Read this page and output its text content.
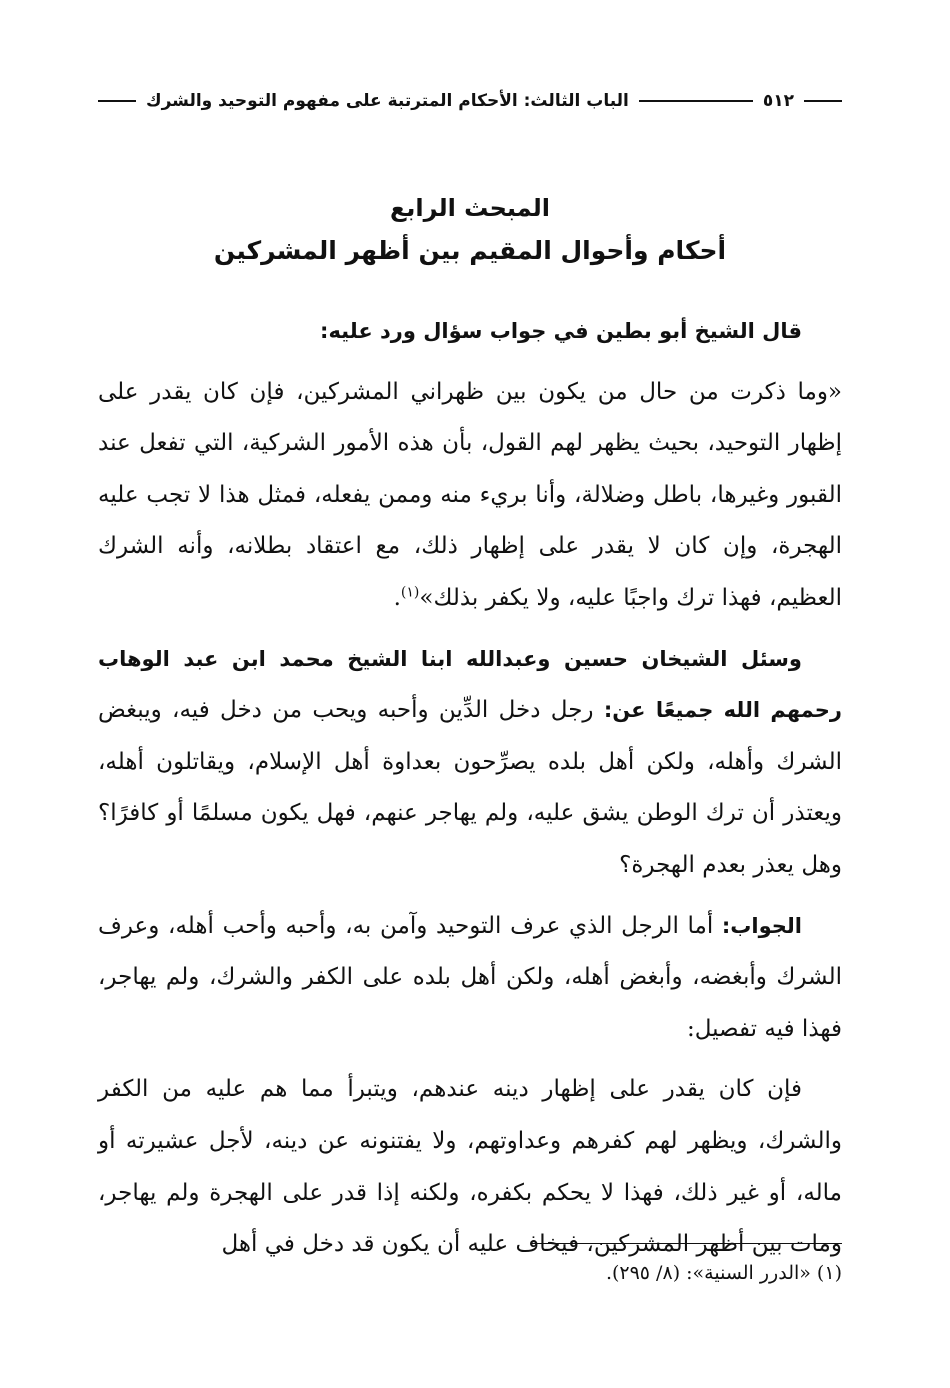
٥١٢
الباب الثالث: الأحكام المترتبة على مفهوم التوحيد والشرك
المبحث الرابع
أحكام وأحوال المقيم بين أظهر المشركين

قال الشيخ أبو بطين في جواب سؤال ورد عليه:

«وما ذكرت من حال من يكون بين ظهراني المشركين، فإن كان يقدر على إظهار التوحيد، بحيث يظهر لهم القول، بأن هذه الأمور الشركية، التي تفعل عند القبور وغيرها، باطل وضلالة، وأنا بريء منه وممن يفعله، فمثل هذا لا تجب عليه الهجرة، وإن كان لا يقدر على إظهار ذلك، مع اعتقاد بطلانه، وأنه الشرك العظيم، فهذا ترك واجبًا عليه، ولا يكفر بذلك»$^{(١)}$.

وسئل الشيخان حسين وعبدالله ابنا الشيخ محمد ابن عبد الوهاب رحمهم الله جميعًا عن: رجل دخل الدِّين وأحبه ويحب من دخل فيه، ويبغض الشرك وأهله، ولكن أهل بلده يصرِّحون بعداوة أهل الإسلام، ويقاتلون أهله، ويعتذر أن ترك الوطن يشق عليه، ولم يهاجر عنهم، فهل يكون مسلمًا أو كافرًا؟ وهل يعذر بعدم الهجرة؟

الجواب: أما الرجل الذي عرف التوحيد وآمن به، وأحبه وأحب أهله، وعرف الشرك وأبغضه، وأبغض أهله، ولكن أهل بلده على الكفر والشرك، ولم يهاجر، فهذا فيه تفصيل:

فإن كان يقدر على إظهار دينه عندهم، ويتبرأ مما هم عليه من الكفر والشرك، ويظهر لهم كفرهم وعداوتهم، ولا يفتنونه عن دينه، لأجل عشيرته أو ماله، أو غير ذلك، فهذا لا يحكم بكفره، ولكنه إذا قدر على الهجرة ولم يهاجر، ومات بين أظهر المشركين، فيخاف عليه أن يكون قد دخل في أهل

(١) «الدرر السنية»: (٨/ ٢٩٥).
